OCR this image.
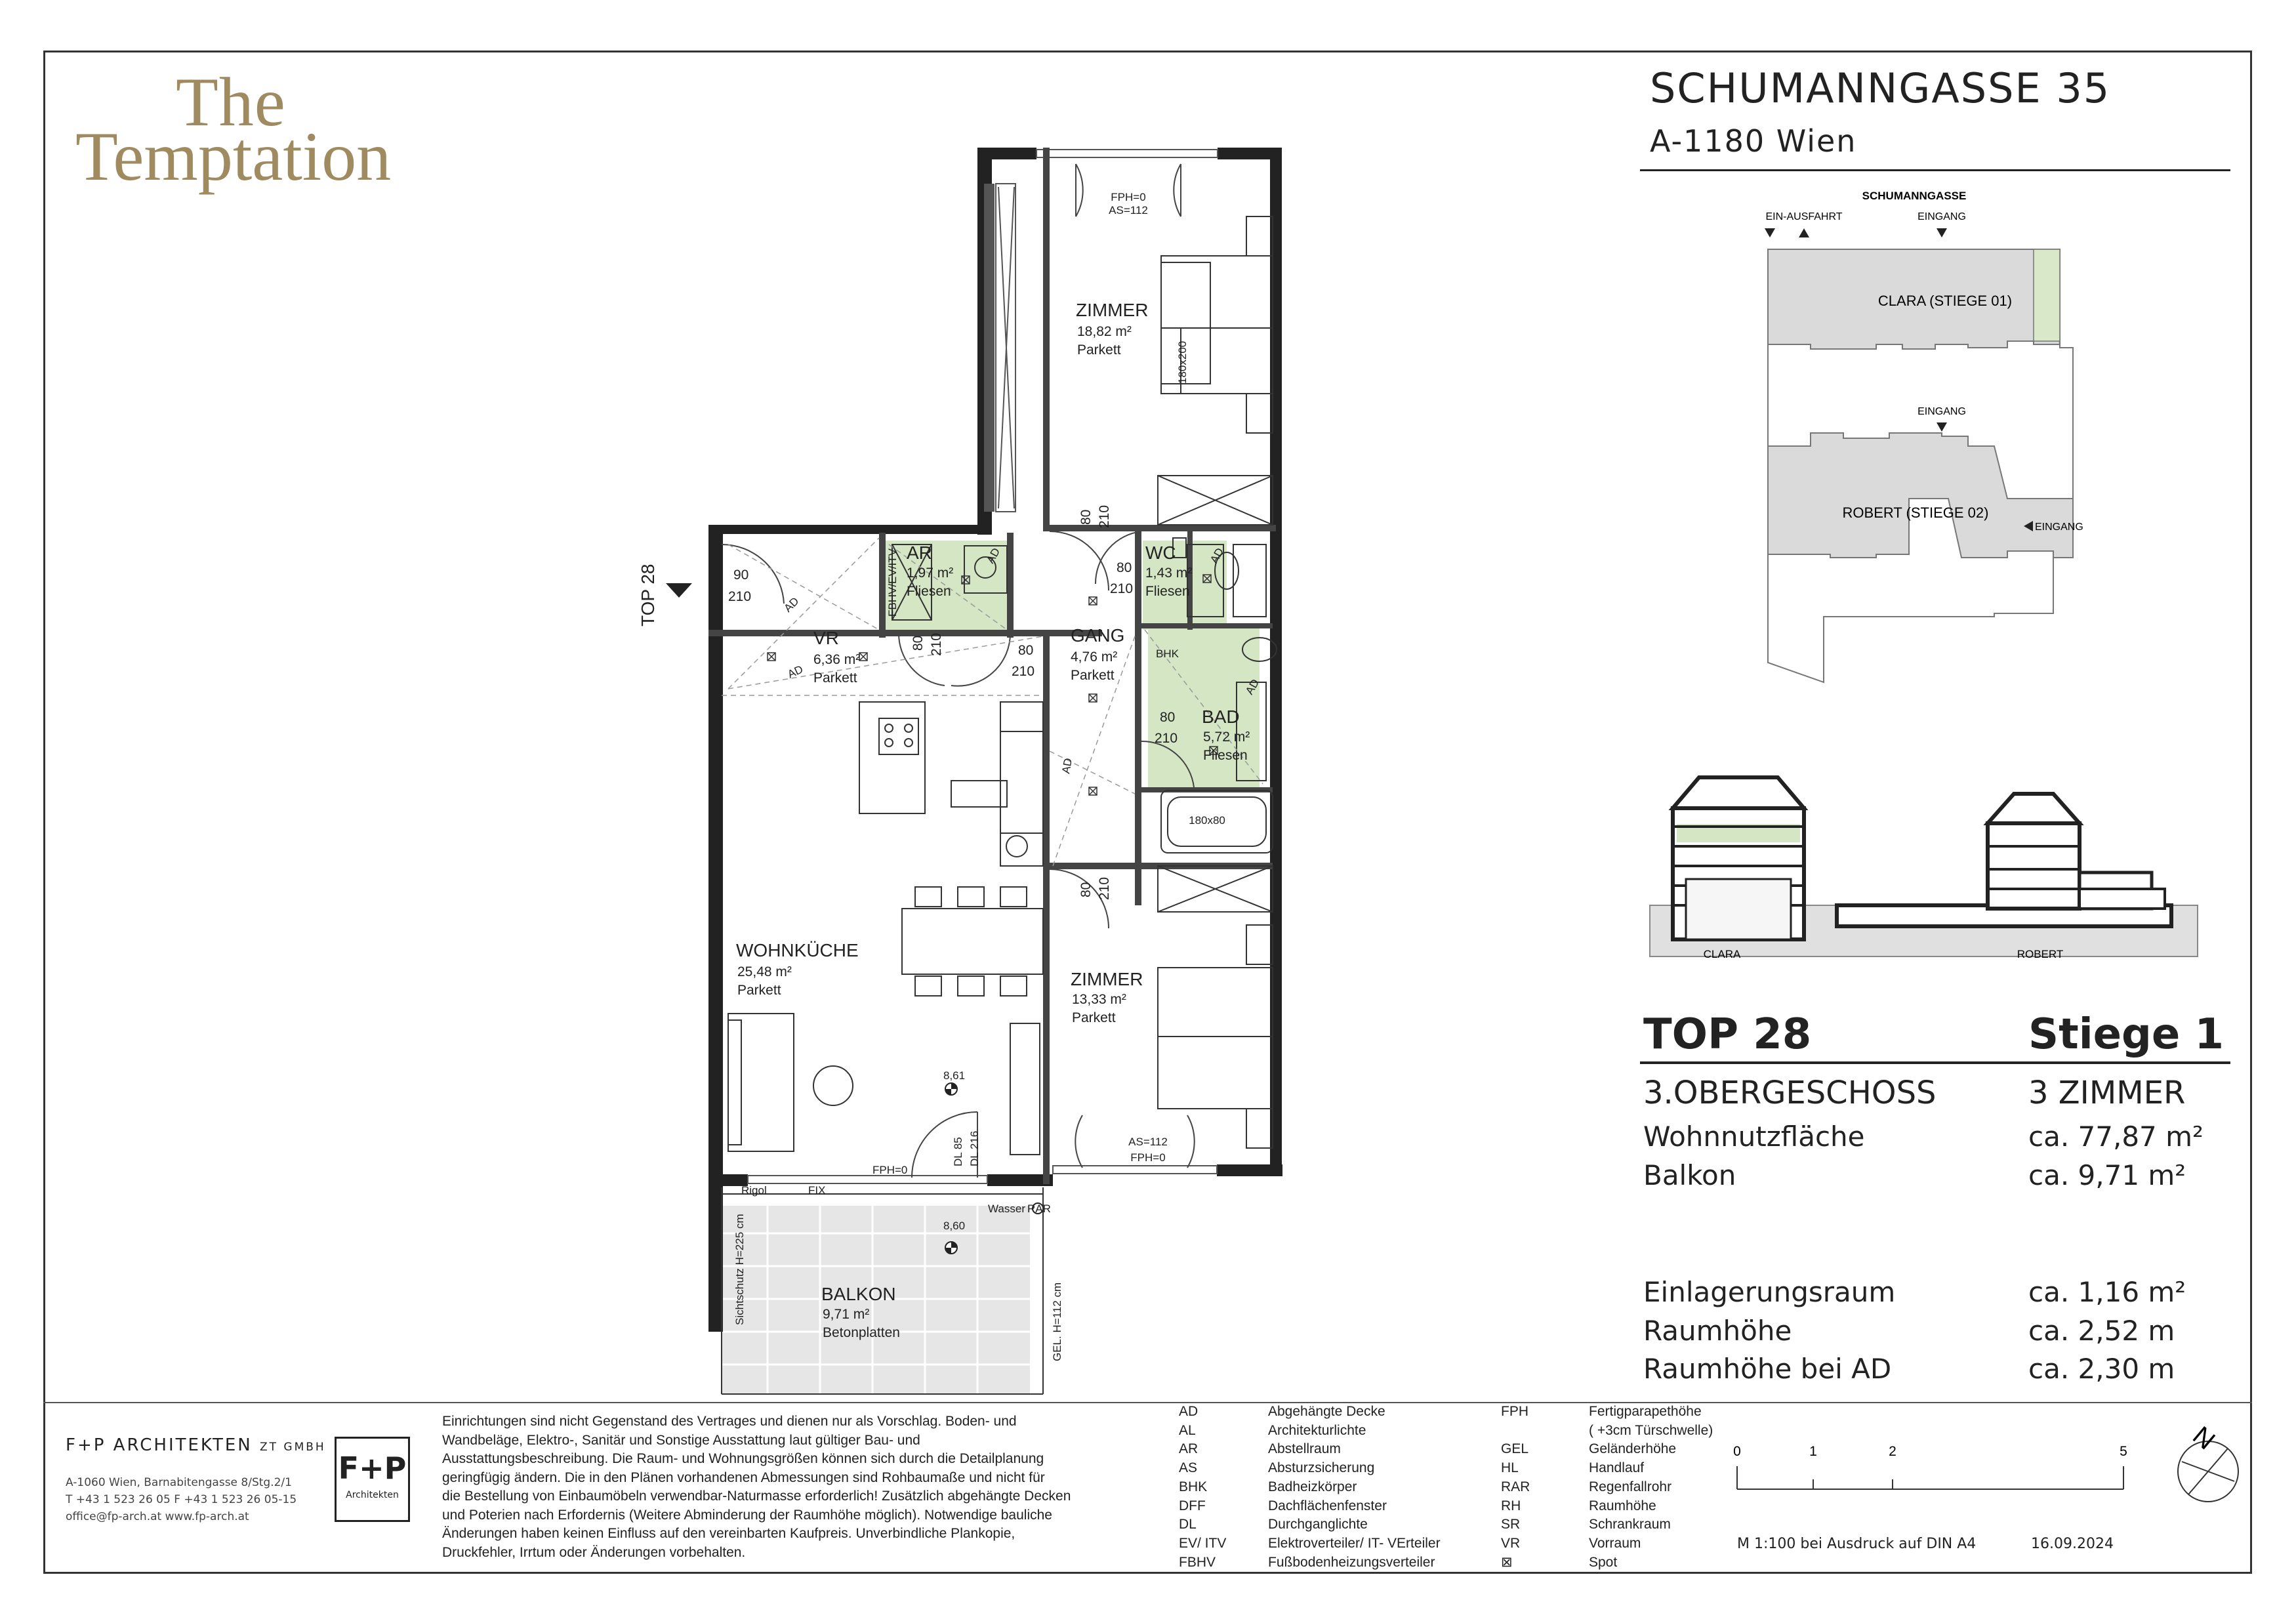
The
Temptation
SCHUMANNGASSE 35
A-1180 Wien
SCHUMANNGASSE
EIN-AUSFAHRT	EINGANG
CLARA (STIEGE 01)
EINGANG
ROBERT (STIEGE 02)
EINGANG
CLARA	ROBERT
TOP 28	Stiege 1
3.OBERGESCHOSS	3 ZIMMER
Wohnnutzfläche	ca. 77,87 m²
Balkon	ca. 9,71 m²
Einlagerungsraum	ca. 1,16 m²
Raumhöhe	ca. 2,52 m
Raumhöhe bei AD	ca. 2,30 m
TOP 28
FPH=0
AS=112
ZIMMER
18,82 m²
Parkett	180x200
80 210
AR
1,97 m²
Fliesen
FBHV/EV/ITV	AD	WC
1,43 m²
Fliesen
AD
80
210
90
210	AD
AD
VR
6,36 m²
Parkett
80 210	80
210
GANG
4,76 m²
Parkett
AD
BHK
80
210
BAD
5,72 m²
Fliesen
AD
180x80
80 210
WOHNKÜCHE
25,48 m²
Parkett
ZIMMER
13,33 m²
Parkett
8,61
DL 85 DL 216
FPH=0
AS=112
FPH=0
Rigol	FIX
Wasser RAR
8,60
Sichtschutz H=225 cm	GEL. H=112 cm
BALKON
9,71 m²
Betonplatten
F+P ARCHITEKTEN ZT GMBH
A-1060 Wien, Barnabitengasse 8/Stg.2/1
T +43 1 523 26 05 F +43 1 523 26 05-15
office@fp-arch.at www.fp-arch.at
F+P
Architekten
Einrichtungen sind nicht Gegenstand des Vertrages und dienen nur als Vorschlag. Boden- und
Wandbeläge, Elektro-, Sanitär und Sonstige Ausstattung laut gültiger Bau- und
Ausstattungsbeschreibung. Die Raum- und Wohnungsgrößen können sich durch die Detailplanung
geringfügig ändern. Die in den Plänen vorhandenen Abmessungen sind Rohbaumaße und nicht für
die Bestellung von Einbaumöbeln verwendbar-Naturmasse erforderlich! Zusätzlich abgehängte Decken
und Poterien nach Erfordernis (Weitere Abminderung der Raumhöhe möglich). Notwendige bauliche
Änderungen haben keinen Einfluss auf den vereinbarten Kaufpreis. Unverbindliche Plankopie,
Druckfehler, Irrtum oder Änderungen vorbehalten.
AD	Abgehängte Decke
AL	Architekturlichte
AR	Abstellraum
AS	Absturzsicherung
BHK	Badheizkörper
DFF	Dachflächenfenster
DL	Durchganglichte
EV/ ITV	Elektroverteiler/ IT- VErteiler
FBHV	Fußbodenheizungsverteiler
FPH	Fertigparapethöhe
( +3cm Türschwelle)
GEL	Geländerhöhe
HL	Handlauf
RAR	Regenfallrohr
RH	Raumhöhe
SR	Schrankraum
VR	Vorraum
⊠	Spot
0	1	2	5
M 1:100 bei Ausdruck auf DIN A4	16.09.2024
N
